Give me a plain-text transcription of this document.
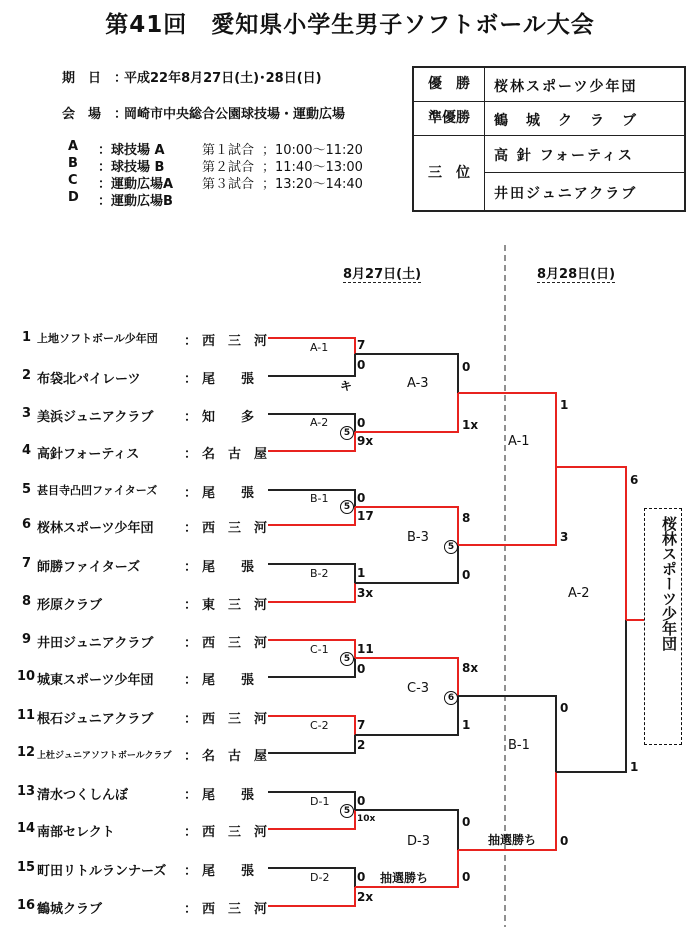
第41回　愛知県小学生男子ソフトボール大会
期　日　：
平成22年8月27日(土)･28日(日)
会　場　：
岡崎市中央総合公園球技場・運動広場
A ：球技場 A
B ：球技場 B
C ：運動広場A
D ：運動広場B
第１試合 ；10:00〜11:20
第２試合 ；11:40〜13:00
第３試合 ；13:20〜14:40
優　勝	桜林スポーツ少年団
準優勝	鶴　城　ク　ラ　ブ
三　位
高 針 フォーティス
井田ジュニアクラブ
8月27日(土)	8月28日(日)
1 上地ソフトボール少年団 ： 西　三　河
2 布袋北パイレーツ	： 尾　　張
3 美浜ジュニアクラブ ： 知　　多
4 高針フォーティス	： 名　古　屋
5 甚目寺凸凹ファイターズ ： 尾　　張
6 桜林スポーツ少年団 ： 西　三　河
7 師勝ファイターズ	： 尾　　張
8 形原クラブ	： 東　三　河
9 井田ジュニアクラブ ： 西　三　河
10 城東スポーツ少年団 ： 尾　　張
11 根石ジュニアクラブ ： 西　三　河
12 上杜ジュニアソフトボールクラブ ： 名　古　屋
13 清水つくしんぼ	： 尾　　張
14 南部セレクト	： 西　三　河
15 町田リトルランナーズ ： 尾　　張
16 鶴城クラブ	： 西　三　河
A-1
A-2
B-1
B-2
C-1
C-2
D-1
D-2
7
0
キ
0
5
9x
0
5
17
1
3x
11
5
0
7
2
0
5
10x
0
2x
A-3
0
1x
B-3
8
5
0
C-3
8x
6
1
D-3
0
0
抽選勝ち
A-1
1
3
B-1
0
0
抽選勝ち
A-2
6
1
桜林スポーツ少年団
